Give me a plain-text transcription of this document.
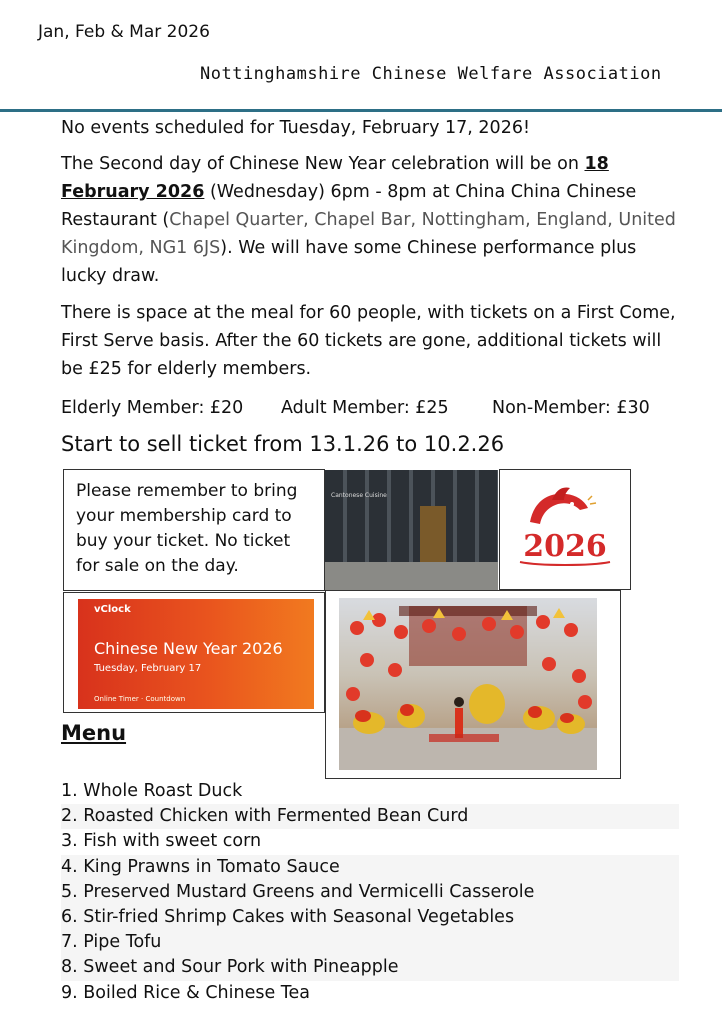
Jan, Feb & Mar 2026
Nottinghamshire Chinese Welfare Association

No events scheduled for Tuesday, February 17, 2026!

The Second day of Chinese New Year celebration will be on 18 February 2026 (Wednesday) 6pm - 8pm at China China Chinese Restaurant (Chapel Quarter, Chapel Bar, Nottingham, England, United Kingdom, NG1 6JS). We will have some Chinese performance plus lucky draw.

There is space at the meal for 60 people, with tickets on a First Come, First Serve basis. After the 60 tickets are gone, additional tickets will be £25 for elderly members.

Elderly Member: £20	Adult Member: £25	Non-Member: £30
Start to sell ticket from 13.1.26 to 10.2.26
Please remember to bring your membership card to buy your ticket. No ticket for sale on the day.
Cantonese Cuisine
2026
vClock
Chinese New Year 2026
Tuesday, February 17
Online Timer · Countdown
Menu
1. Whole Roast Duck
2. Roasted Chicken with Fermented Bean Curd
3. Fish with sweet corn
4. King Prawns in Tomato Sauce
5. Preserved Mustard Greens and Vermicelli Casserole
6. Stir-fried Shrimp Cakes with Seasonal Vegetables
7. Pipe Tofu
8. Sweet and Sour Pork with Pineapple
9. Boiled Rice & Chinese Tea
